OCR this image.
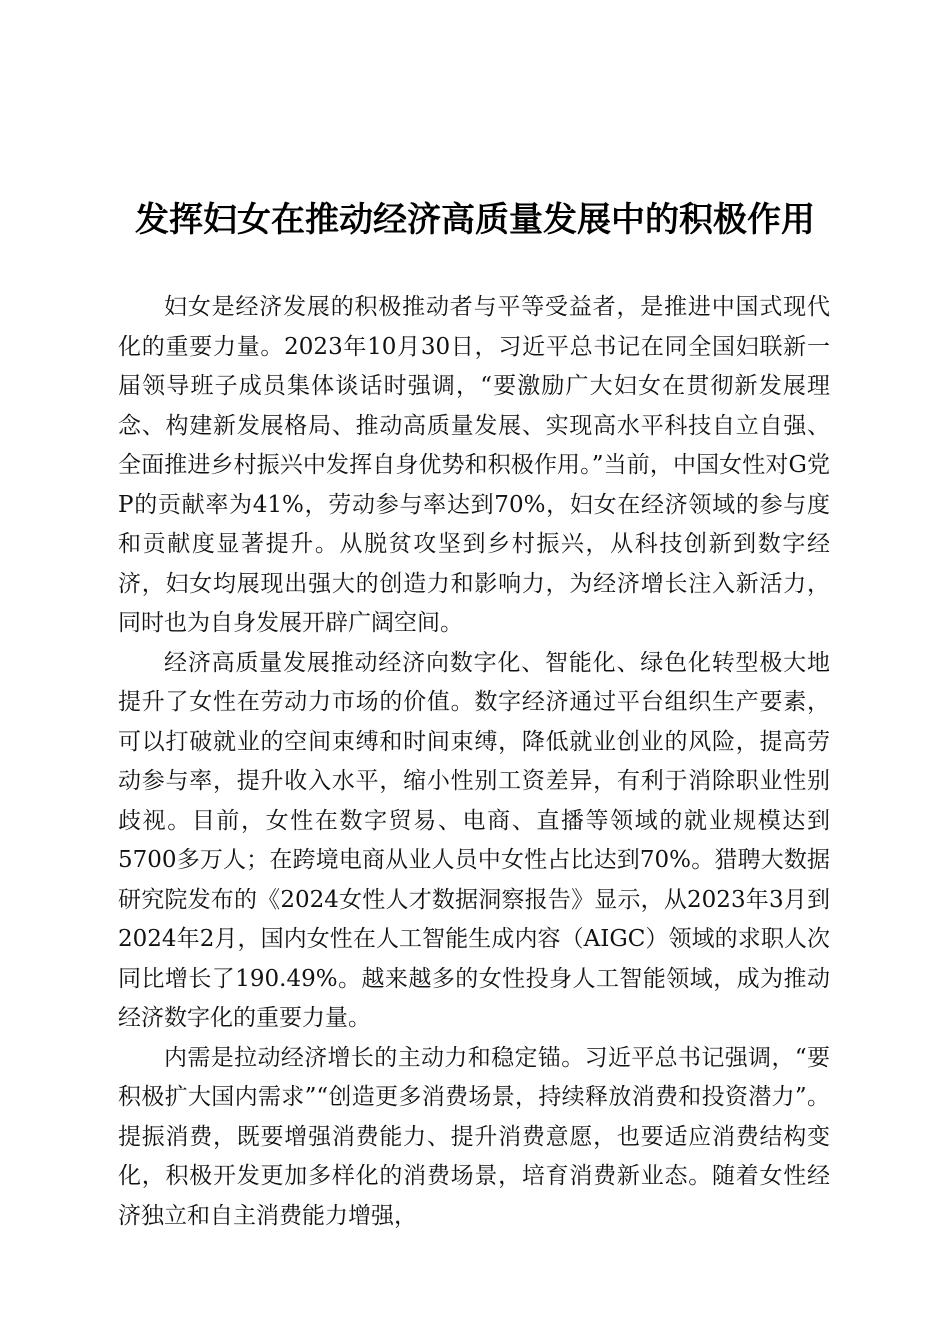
发挥妇女在推动经济高质量发展中的积极作用

妇女是经济发展的积极推动者与平等受益者，是推进中国式现代化的重要力量。2023年10月30日，习近平总书记在同全国妇联新一届领导班子成员集体谈话时强调，“要激励广大妇女在贯彻新发展理念、构建新发展格局、推动高质量发展、实现高水平科技自立自强、全面推进乡村振兴中发挥自身优势和积极作用。”当前，中国女性对G党P的贡献率为41%，劳动参与率达到70%，妇女在经济领域的参与度和贡献度显著提升。从脱贫攻坚到乡村振兴，从科技创新到数字经济，妇女均展现出强大的创造力和影响力，为经济增长注入新活力，同时也为自身发展开辟广阔空间。

经济高质量发展推动经济向数字化、智能化、绿色化转型极大地提升了女性在劳动力市场的价值。数字经济通过平台组织生产要素，可以打破就业的空间束缚和时间束缚，降低就业创业的风险，提高劳动参与率，提升收入水平，缩小性别工资差异，有利于消除职业性别歧视。目前，女性在数字贸易、电商、直播等领域的就业规模达到5700多万人；在跨境电商从业人员中女性占比达到70%。猎聘大数据研究院发布的《2024女性人才数据洞察报告》显示，从2023年3月到2024年2月，国内女性在人工智能生成内容（AIGC）领域的求职人次同比增长了190.49%。越来越多的女性投身人工智能领域，成为推动经济数字化的重要力量。

内需是拉动经济增长的主动力和稳定锚。习近平总书记强调，“要积极扩大国内需求”“创造更多消费场景，持续释放消费和投资潜力”。提振消费，既要增强消费能力、提升消费意愿，也要适应消费结构变化，积极开发更加多样化的消费场景，培育消费新业态。随着女性经济独立和自主消费能力增强，
